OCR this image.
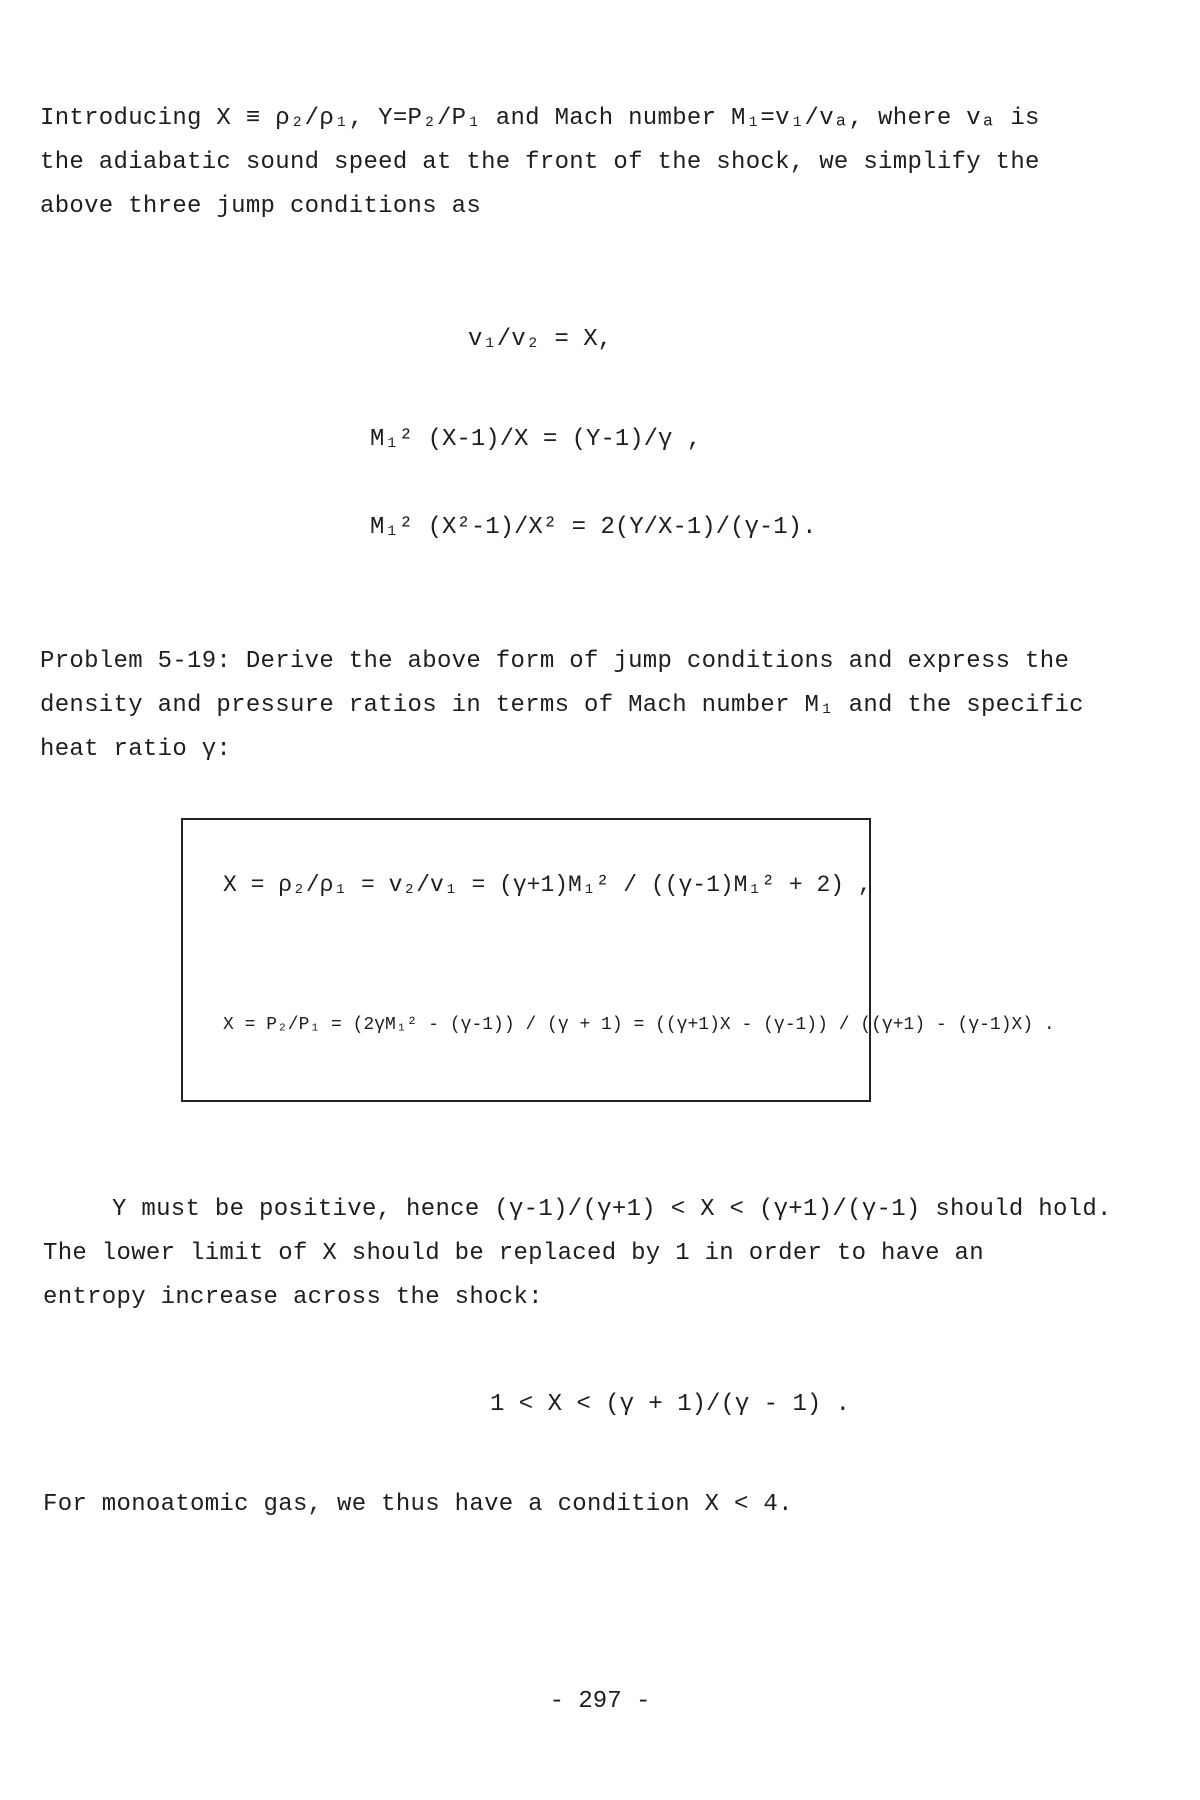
Introducing X ≡ ρ₂/ρ₁, Y=P₂/P₁ and Mach number M₁=v₁/vₐ, where vₐ is
the adiabatic sound speed at the front of the shock, we simplify the
above three jump conditions as
v₁/v₂ = X,
M₁² (X-1)/X = (Y-1)/γ ,
M₁² (X²-1)/X² = 2(Y/X-1)/(γ-1).
Problem 5-19: Derive the above form of jump conditions and express the
density and pressure ratios in terms of Mach number M₁ and the specific
heat ratio γ:
X = ρ₂/ρ₁ = v₂/v₁ = (γ+1)M₁² / ((γ-1)M₁² + 2) ,
X = P₂/P₁ = (2γM₁² - (γ-1)) / (γ + 1) = ((γ+1)X - (γ-1)) / ((γ+1) - (γ-1)X) .
Y must be positive, hence (γ-1)/(γ+1) < X < (γ+1)/(γ-1) should hold.
The lower limit of X should be replaced by 1 in order to have an
entropy increase across the shock:
1 < X < (γ + 1)/(γ - 1) .
For monoatomic gas, we thus have a condition X < 4.
- 297 -
